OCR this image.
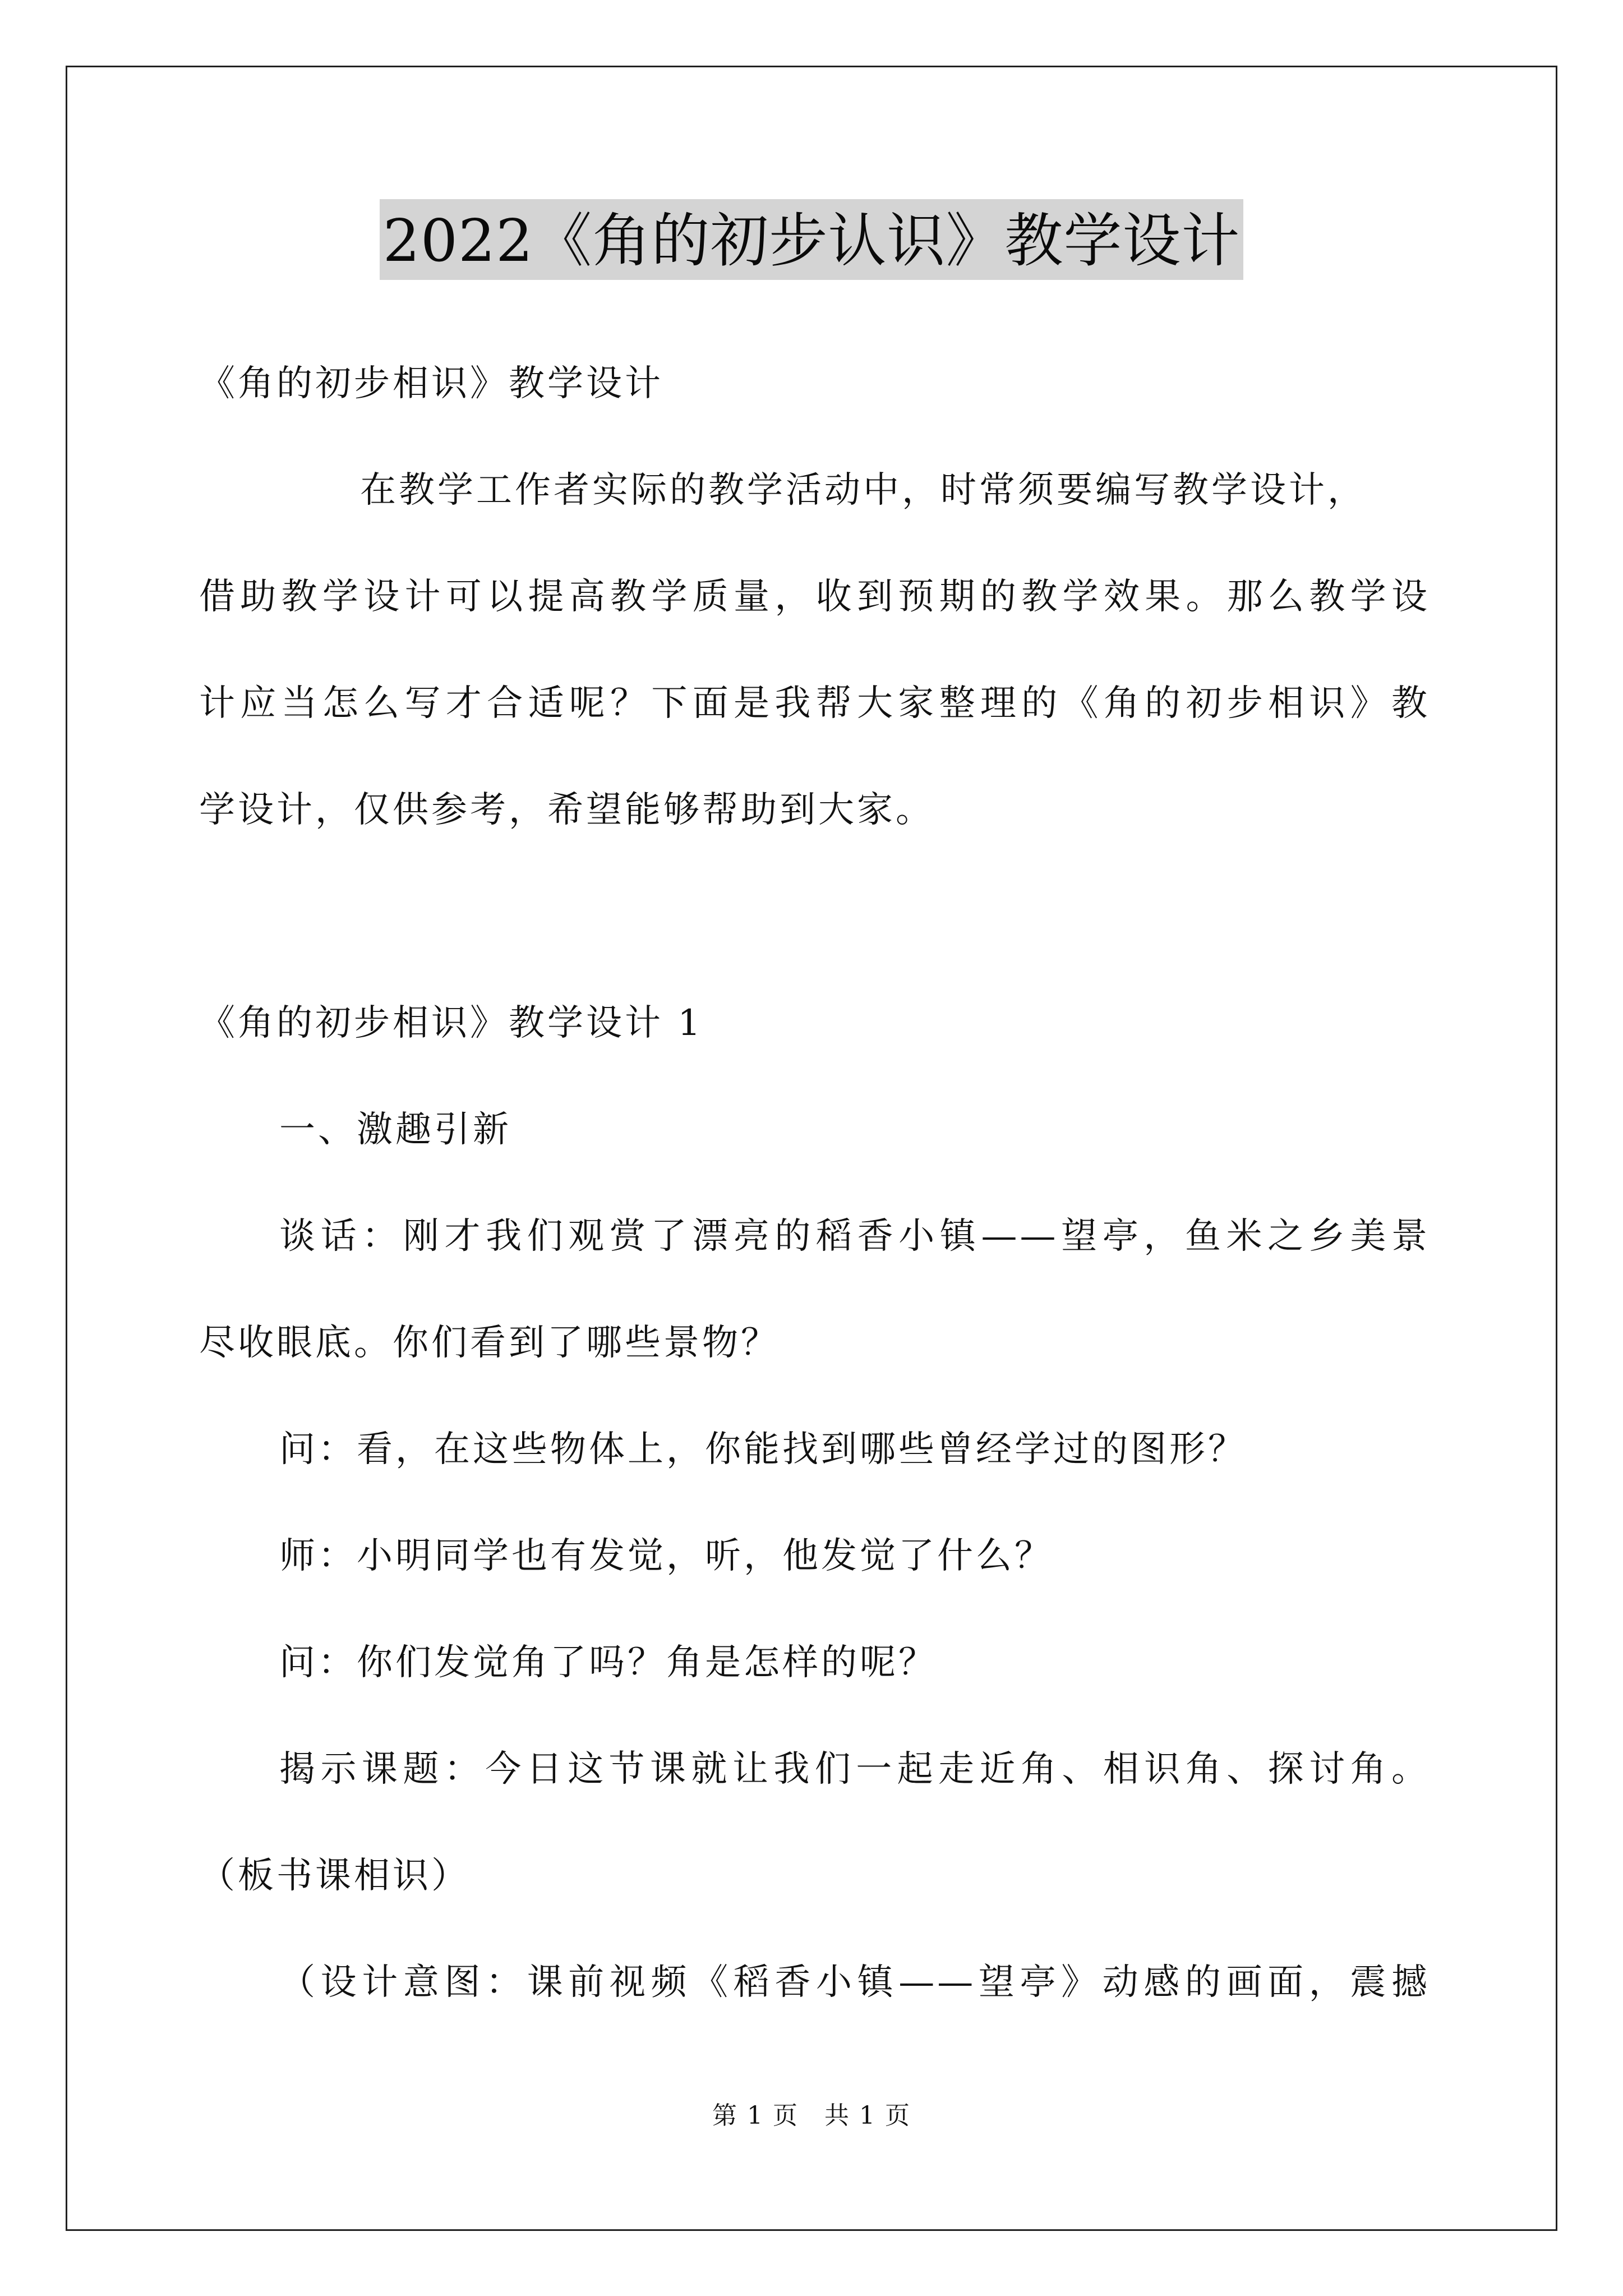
2022《角的初步认识》教学设计

《角的初步相识》教学设计

在教学工作者实际的教学活动中，时常须要编写教学设计，

借助教学设计可以提高教学质量，收到预期的教学效果。那么教学设

计应当怎么写才合适呢？下面是我帮大家整理的《角的初步相识》教

学设计，仅供参考，希望能够帮助到大家。

《角的初步相识》教学设计 1

一、激趣引新

谈话：刚才我们观赏了漂亮的稻香小镇——望亭，鱼米之乡美景

尽收眼底。你们看到了哪些景物？

问：看，在这些物体上，你能找到哪些曾经学过的图形？

师：小明同学也有发觉，听，他发觉了什么？

问：你们发觉角了吗？角是怎样的呢？

揭示课题：今日这节课就让我们一起走近角、相识角、探讨角。

（板书课相识）

（设计意图：课前视频《稻香小镇——望亭》动感的画面，震撼

第 1 页　共 1 页
